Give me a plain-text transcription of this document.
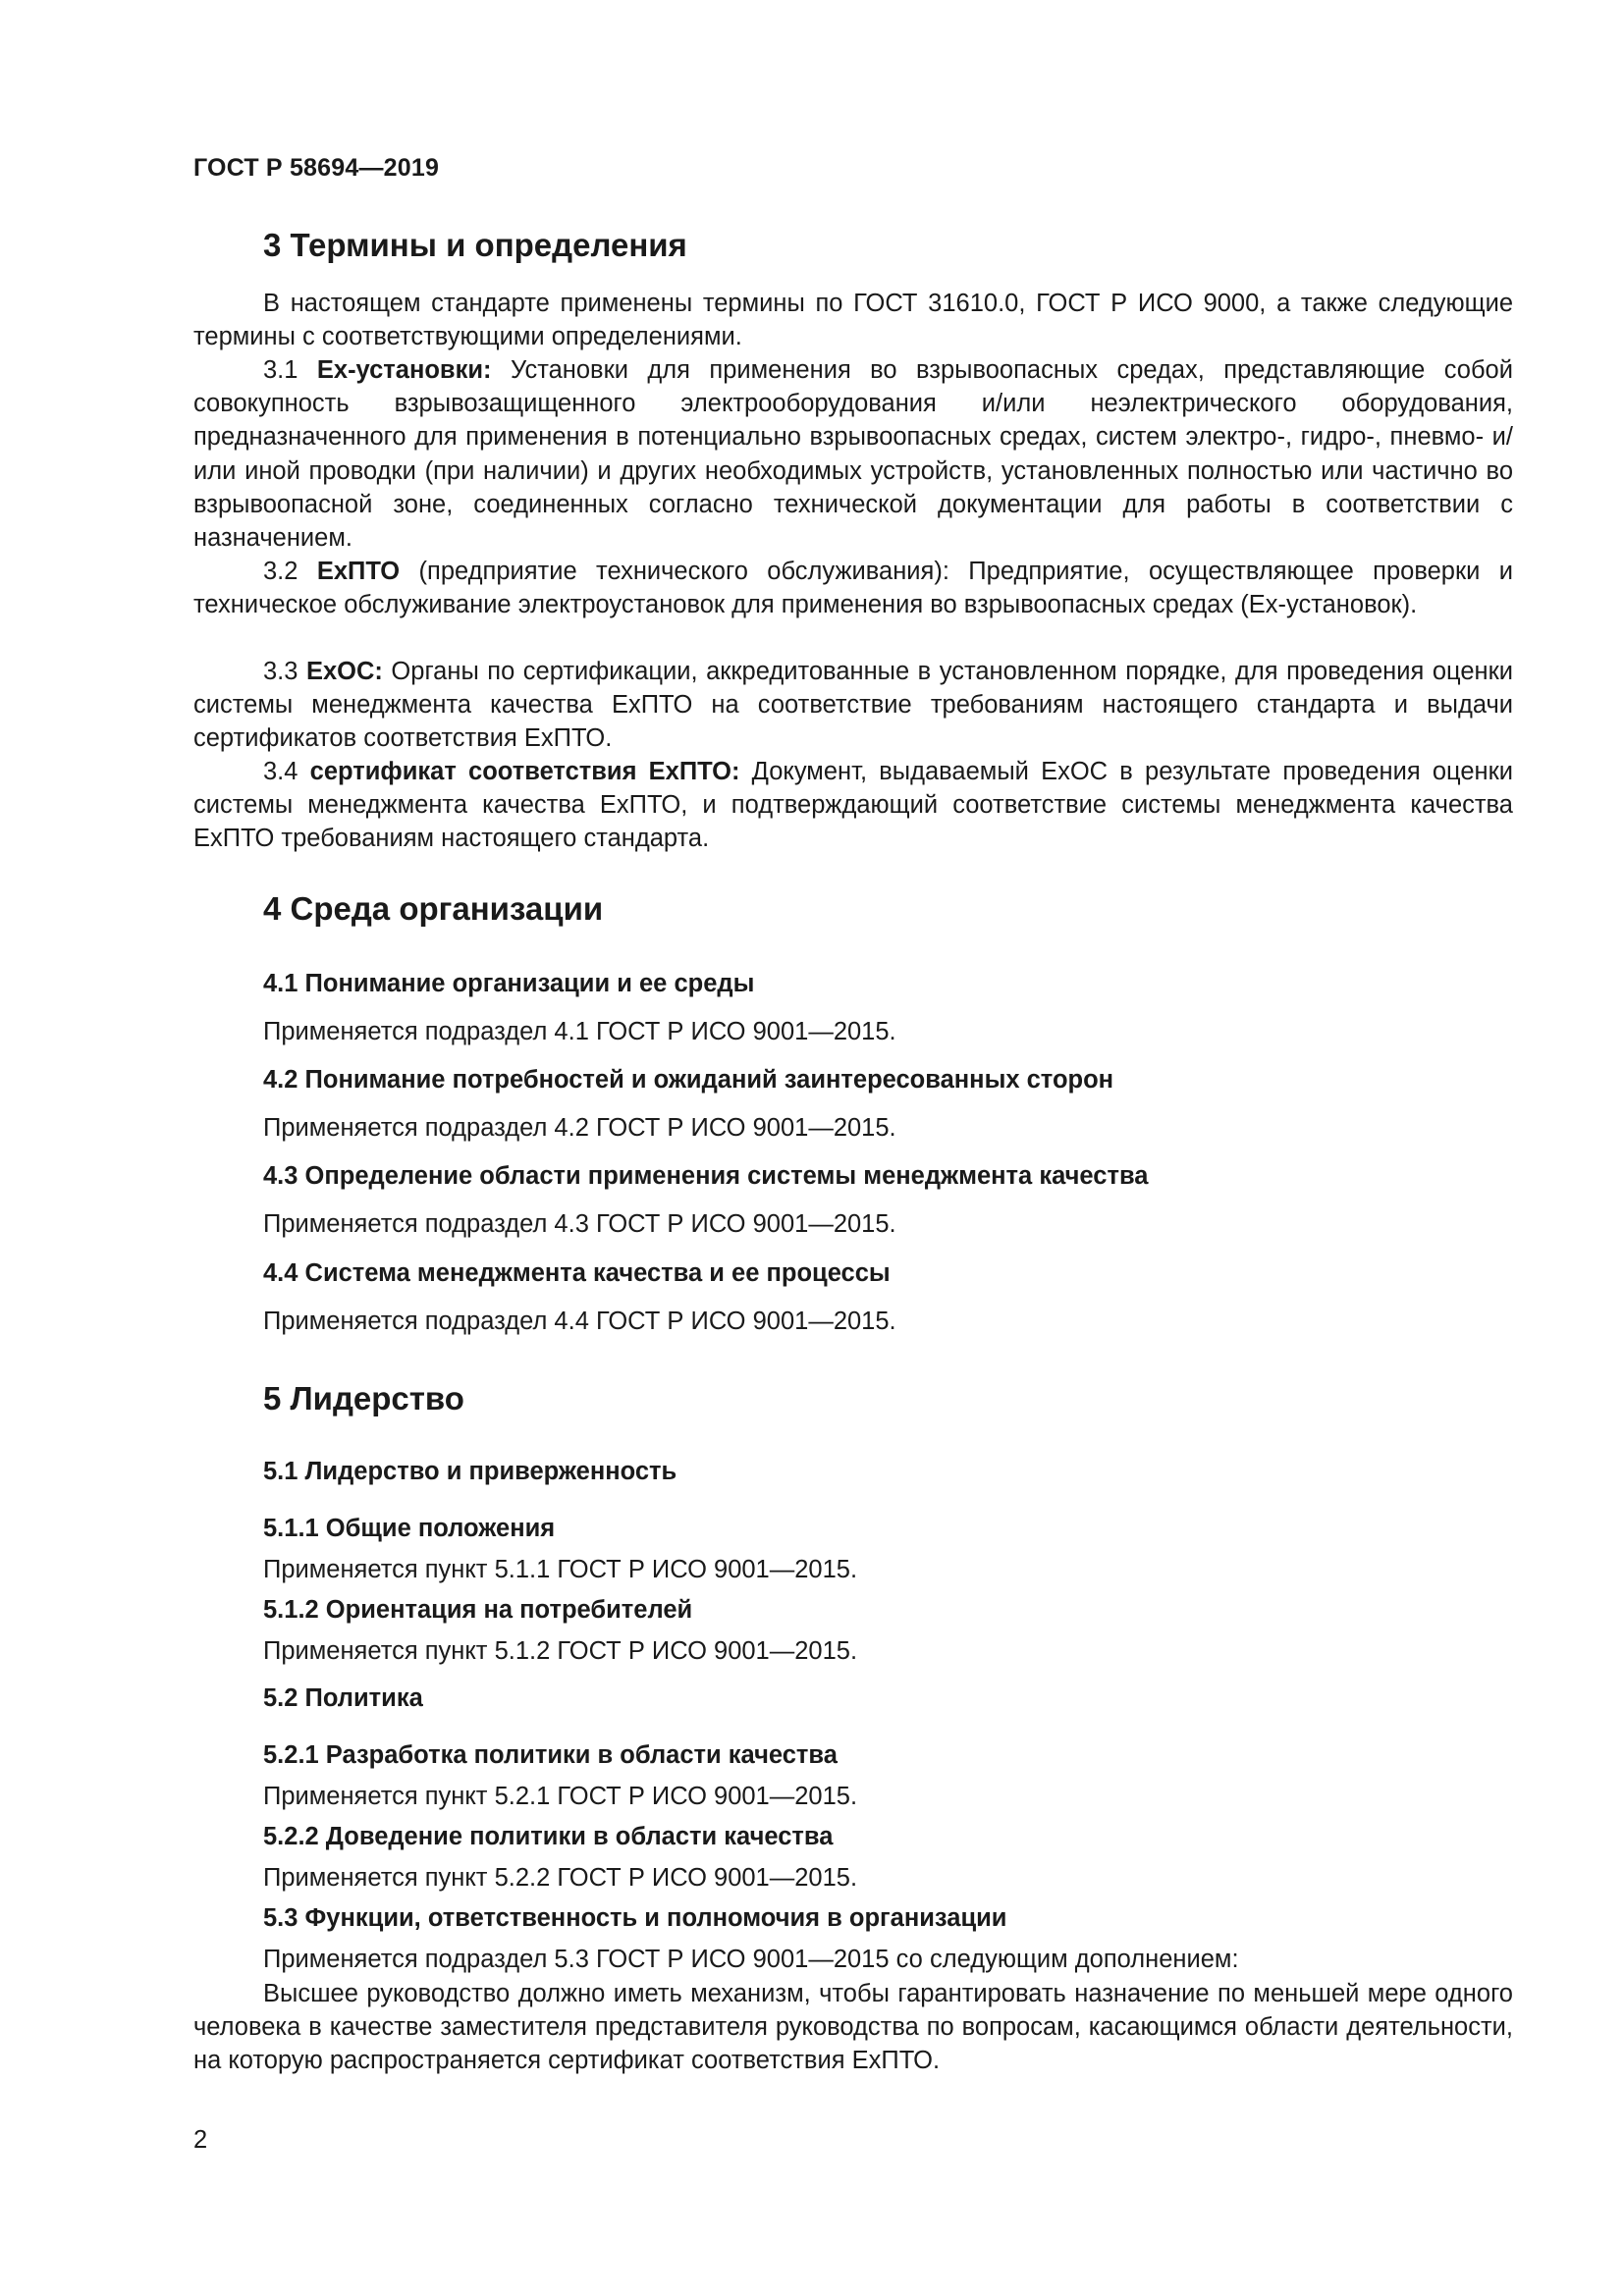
ГОСТ Р 58694—2019
3 Термины и определения

В настоящем стандарте применены термины по ГОСТ 31610.0, ГОСТ Р ИСО 9000, а также следующие термины с соответствующими определениями.

3.1 Ех-установки: Установки для применения во взрывоопасных средах, представляющие собой совокупность взрывозащищенного электрооборудования и/или неэлектрического оборудования, предназначенного для применения в потенциально взрывоопасных средах, систем электро-, гидро-, пневмо- и/или иной проводки (при наличии) и других необходимых устройств, установленных полностью или частично во взрывоопасной зоне, соединенных согласно технической документации для работы в соответствии с назначением.

3.2 ЕхПТО (предприятие технического обслуживания): Предприятие, осуществляющее проверки и техническое обслуживание электроустановок для применения во взрывоопасных средах (Ех-установок).

3.3 ЕхОС: Органы по сертификации, аккредитованные в установленном порядке, для проведения оценки системы менеджмента качества ЕхПТО на соответствие требованиям настоящего стандарта и выдачи сертификатов соответствия ЕхПТО.

3.4 сертификат соответствия ЕхПТО: Документ, выдаваемый ЕхОС в результате проведения оценки системы менеджмента качества ЕхПТО, и подтверждающий соответствие системы менеджмента качества ЕхПТО требованиям настоящего стандарта.

4 Среда организации
4.1 Понимание организации и ее среды
Применяется подраздел 4.1 ГОСТ Р ИСО 9001—2015.
4.2 Понимание потребностей и ожиданий заинтересованных сторон
Применяется подраздел 4.2 ГОСТ Р ИСО 9001—2015.
4.3 Определение области применения системы менеджмента качества
Применяется подраздел 4.3 ГОСТ Р ИСО 9001—2015.
4.4 Система менеджмента качества и ее процессы
Применяется подраздел 4.4 ГОСТ Р ИСО 9001—2015.
5 Лидерство
5.1 Лидерство и приверженность
5.1.1 Общие положения
Применяется пункт 5.1.1 ГОСТ Р ИСО 9001—2015.
5.1.2 Ориентация на потребителей
Применяется пункт 5.1.2 ГОСТ Р ИСО 9001—2015.
5.2 Политика
5.2.1 Разработка политики в области качества
Применяется пункт 5.2.1 ГОСТ Р ИСО 9001—2015.
5.2.2 Доведение политики в области качества
Применяется пункт 5.2.2 ГОСТ Р ИСО 9001—2015.
5.3 Функции, ответственность и полномочия в организации
Применяется подраздел 5.3 ГОСТ Р ИСО 9001—2015 со следующим дополнением:

Высшее руководство должно иметь механизм, чтобы гарантировать назначение по меньшей мере одного человека в качестве заместителя представителя руководства по вопросам, касающимся области деятельности, на которую распространяется сертификат соответствия ЕхПТО.

2
